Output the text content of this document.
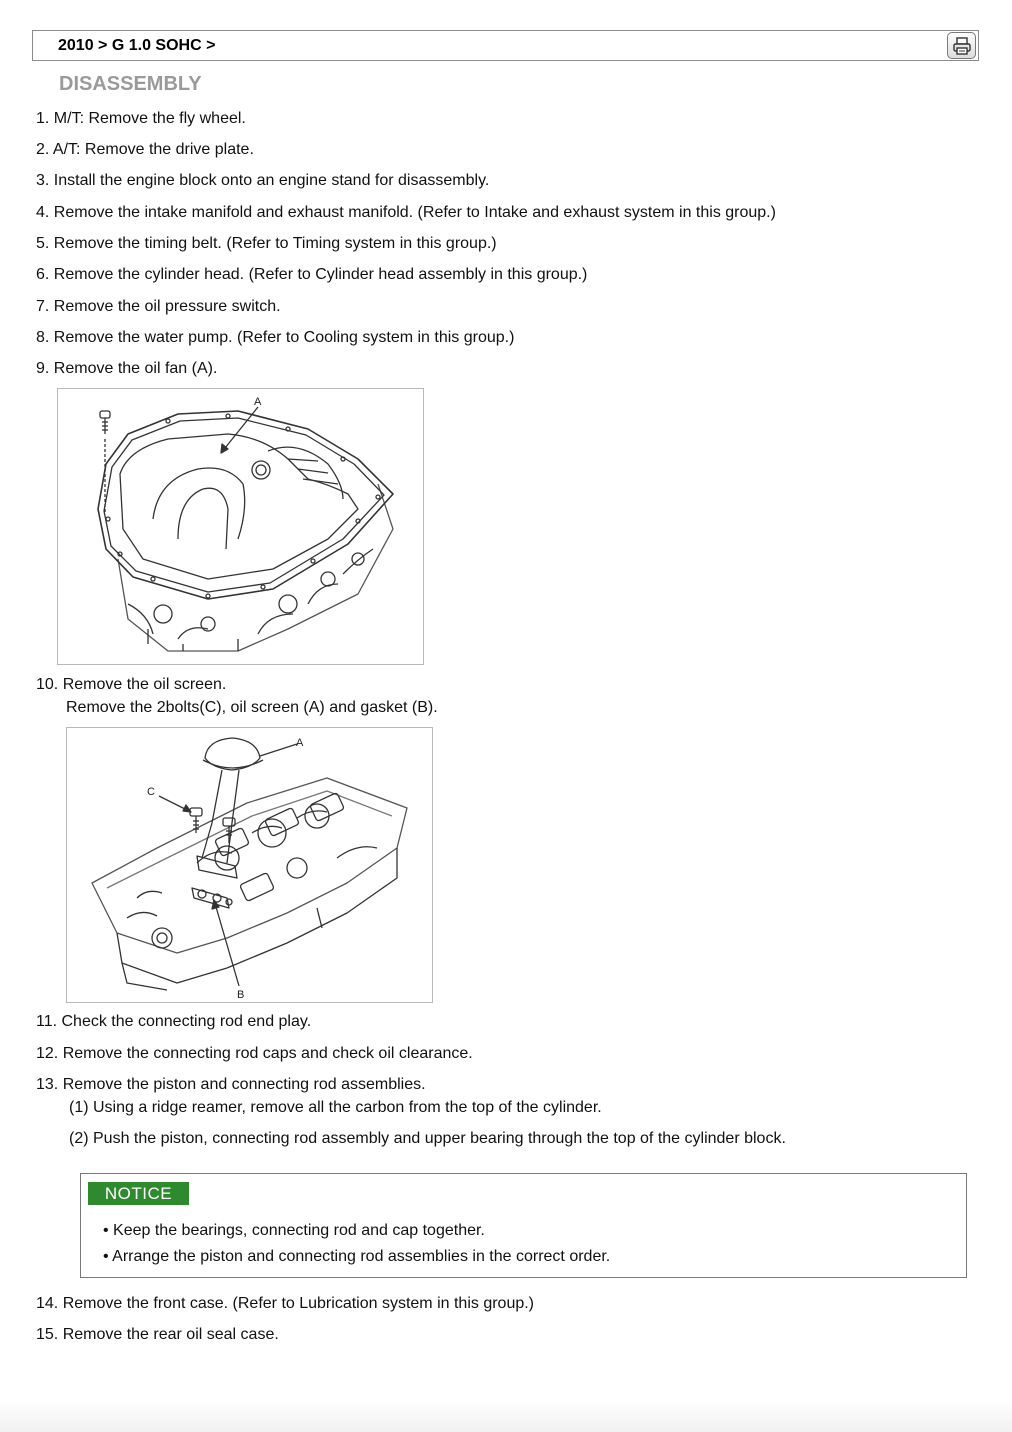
2010 > G 1.0 SOHC >
DISASSEMBLY
1. M/T: Remove the fly wheel.
2. A/T: Remove the drive plate.
3. Install the engine block onto an engine stand for disassembly.
4. Remove the intake manifold and exhaust manifold. (Refer to Intake and exhaust system in this group.)
5. Remove the timing belt. (Refer to Timing system in this group.)
6. Remove the cylinder head. (Refer to Cylinder head assembly in this group.)
7. Remove the oil pressure switch.
8. Remove the water pump. (Refer to Cooling system in this group.)
9. Remove the oil fan (A).
A
10. Remove the oil screen.
Remove the 2bolts(C), oil screen (A) and gasket (B).
A
C
B
11. Check the connecting rod end play.
12. Remove the connecting rod caps and check oil clearance.
13. Remove the piston and connecting rod assemblies.
(1) Using a ridge reamer, remove all the carbon from the top of the cylinder.
(2) Push the piston, connecting rod assembly and upper bearing through the top of the cylinder block.
NOTICE
• Keep the bearings, connecting rod and cap together.
• Arrange the piston and connecting rod assemblies in the correct order.
14. Remove the front case. (Refer to Lubrication system in this group.)
15. Remove the rear oil seal case.
